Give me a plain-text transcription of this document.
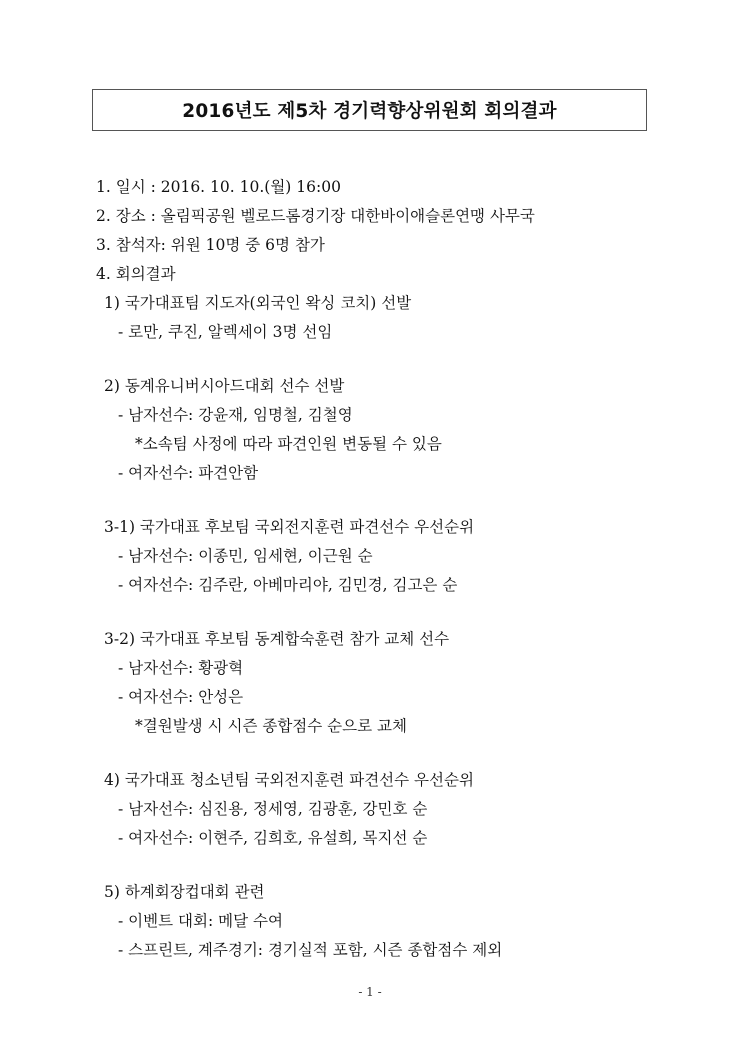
2016년도 제5차 경기력향상위원회 회의결과
1. 일시 : 2016. 10. 10.(월) 16:00
2. 장소 : 올림픽공원 벨로드롬경기장 대한바이애슬론연맹 사무국
3. 참석자: 위원 10명 중 6명 참가
4. 회의결과
1) 국가대표팀 지도자(외국인 왁싱 코치) 선발
- 로만, 쿠진, 알렉세이 3명 선임
2) 동계유니버시아드대회 선수 선발
- 남자선수: 강윤재, 임명철, 김철영
*소속팀 사정에 따라 파견인원 변동될 수 있음
- 여자선수: 파견안함
3-1) 국가대표 후보팀 국외전지훈련 파견선수 우선순위
- 남자선수: 이종민, 임세현, 이근원 순
- 여자선수: 김주란, 아베마리야, 김민경, 김고은 순
3-2) 국가대표 후보팀 동계합숙훈련 참가 교체 선수
- 남자선수: 황광혁
- 여자선수: 안성은
*결원발생 시 시즌 종합점수 순으로 교체
4) 국가대표 청소년팀 국외전지훈련 파견선수 우선순위
- 남자선수: 심진용, 정세영, 김광훈, 강민호 순
- 여자선수: 이현주, 김희호, 유설희, 목지선 순
5) 하계회장컵대회 관련
- 이벤트 대회: 메달 수여
- 스프린트, 계주경기: 경기실적 포함, 시즌 종합점수 제외
- 1 -
